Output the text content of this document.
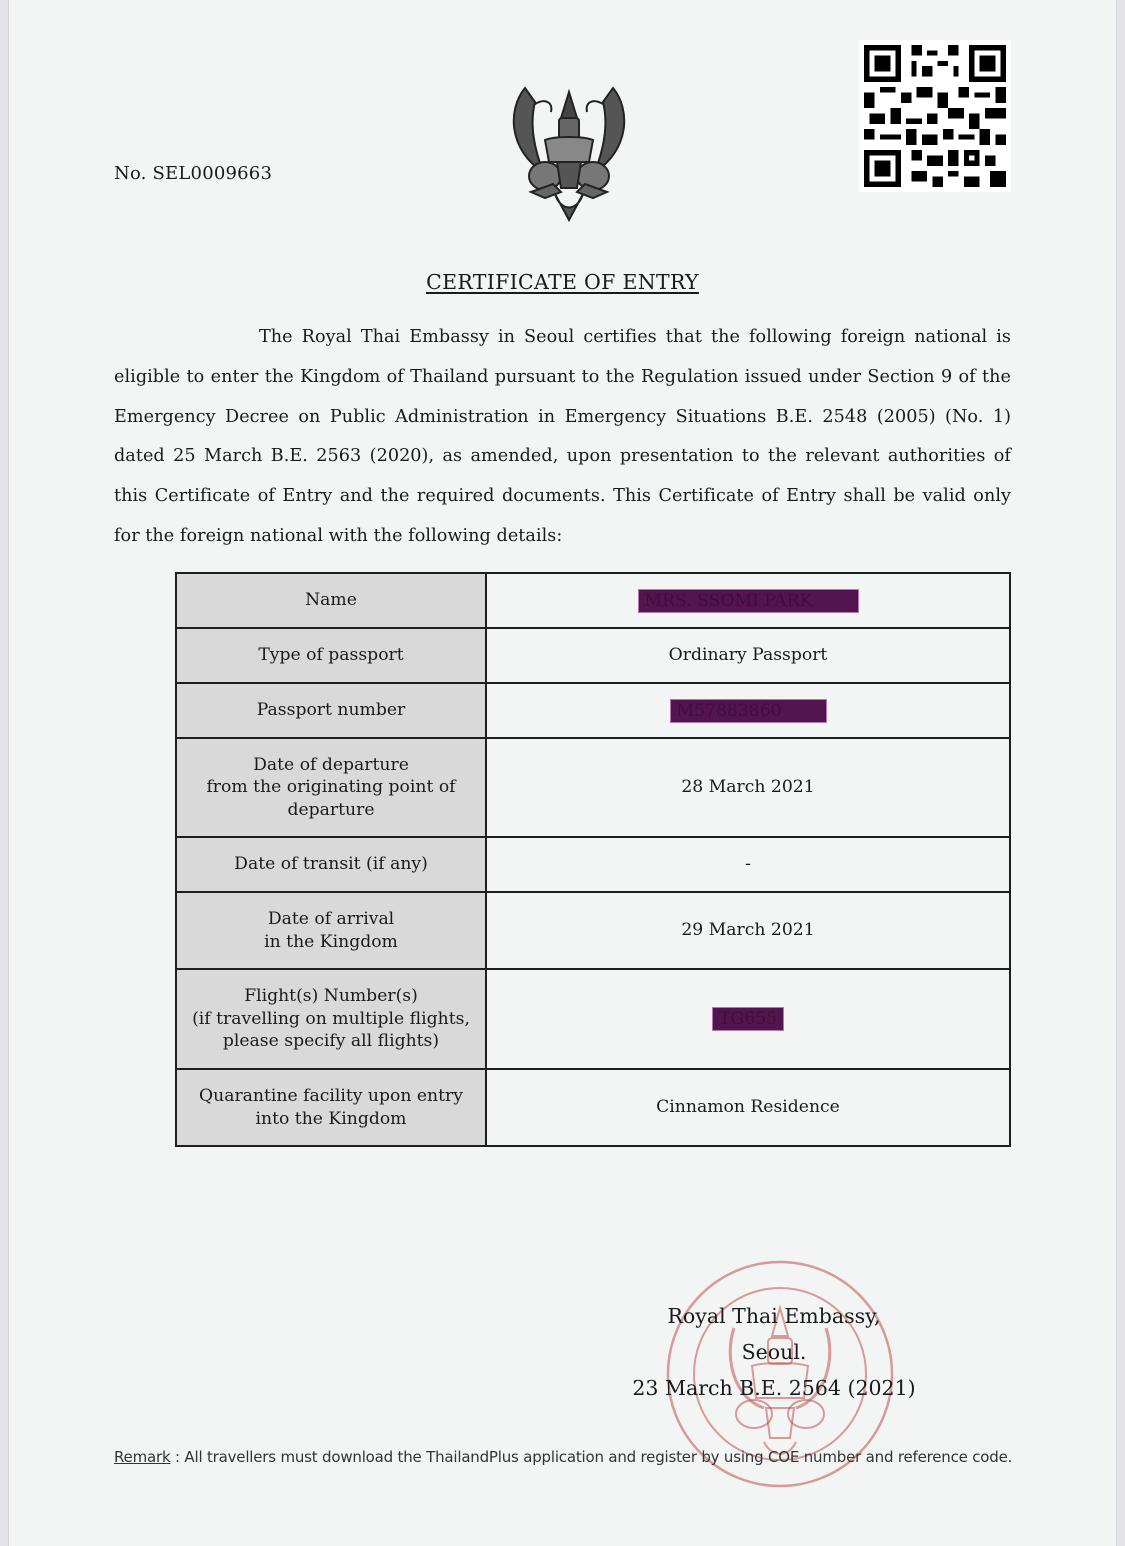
No. SEL0009663
CERTIFICATE OF ENTRY
The Royal Thai Embassy in Seoul certifies that the following foreign national is eligible to enter the Kingdom of Thailand pursuant to the Regulation issued under Section 9 of the Emergency Decree on Public Administration in Emergency Situations B.E. 2548 (2005) (No. 1) dated 25 March B.E. 2563 (2020), as amended, upon presentation to the relevant authorities of this Certificate of Entry and the required documents. This Certificate of Entry shall be valid only for the foreign national with the following details:
Name	MRS. SSOMI PARK
Type of passport	Ordinary Passport
Passport number	M57883860

Date of departure
from the originating point of
departure	28 March 2021
Date of transit (if any)	-

Date of arrival
in the Kingdom	29 March 2021

Flight(s) Number(s)
(if travelling on multiple flights,
please specify all flights)	TG655

Quarantine facility upon entry
into the Kingdom	Cinnamon Residence
Royal Thai Embassy,
Seoul.
23 March B.E. 2564 (2021)
Remark : All travellers must download the ThailandPlus application and register by using COE number and reference code.
